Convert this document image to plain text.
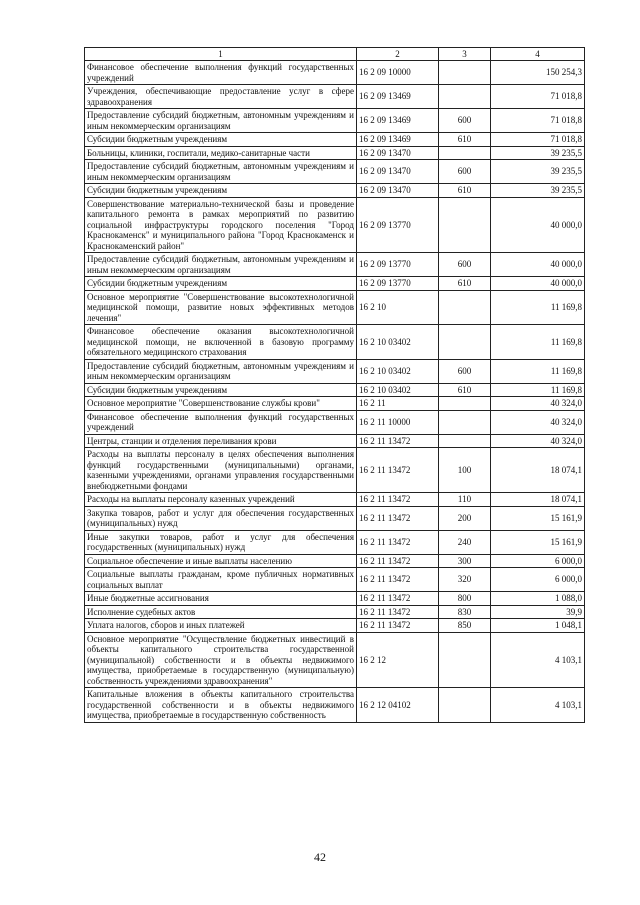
1	2	3	4
Финансовое обеспечение выполнения функций государственных учреждений	16 2 09 10000		150 254,3
Учреждения, обеспечивающие предоставление услуг в сфере здравоохранения	16 2 09 13469		71 018,8
Предоставление субсидий бюджетным, автономным учреждениям и иным некоммерческим организациям	16 2 09 13469	600	71 018,8
Субсидии бюджетным учреждениям	16 2 09 13469	610	71 018,8
Больницы, клиники, госпитали, медико-санитарные части	16 2 09 13470		39 235,5
Предоставление субсидий бюджетным, автономным учреждениям и иным некоммерческим организациям	16 2 09 13470	600	39 235,5
Субсидии бюджетным учреждениям	16 2 09 13470	610	39 235,5
Совершенствование материально-технической базы и проведение капитального ремонта в рамках мероприятий по развитию социальной инфраструктуры городского поселения "Город Краснокаменск" и муниципального района "Город Краснокаменск и Краснокаменский район"	16 2 09 13770		40 000,0
Предоставление субсидий бюджетным, автономным учреждениям и иным некоммерческим организациям	16 2 09 13770	600	40 000,0
Субсидии бюджетным учреждениям	16 2 09 13770	610	40 000,0
Основное мероприятие "Совершенствование высокотехнологичной медицинской помощи, развитие новых эффективных методов лечения"	16 2 10		11 169,8
Финансовое обеспечение оказания высокотехнологичной медицинской помощи, не включенной в базовую программу обязательного медицинского страхования	16 2 10 03402		11 169,8
Предоставление субсидий бюджетным, автономным учреждениям и иным некоммерческим организациям	16 2 10 03402	600	11 169,8
Субсидии бюджетным учреждениям	16 2 10 03402	610	11 169,8
Основное мероприятие "Совершенствование службы крови"	16 2 11		40 324,0
Финансовое обеспечение выполнения функций государственных учреждений	16 2 11 10000		40 324,0
Центры, станции и отделения переливания крови	16 2 11 13472		40 324,0
Расходы на выплаты персоналу в целях обеспечения выполнения функций государственными (муниципальными) органами, казенными учреждениями, органами управления государственными внебюджетными фондами	16 2 11 13472	100	18 074,1
Расходы на выплаты персоналу казенных учреждений	16 2 11 13472	110	18 074,1
Закупка товаров, работ и услуг для обеспечения государственных (муниципальных) нужд	16 2 11 13472	200	15 161,9
Иные закупки товаров, работ и услуг для обеспечения государственных (муниципальных) нужд	16 2 11 13472	240	15 161,9
Социальное обеспечение и иные выплаты населению	16 2 11 13472	300	6 000,0
Социальные выплаты гражданам, кроме публичных нормативных социальных выплат	16 2 11 13472	320	6 000,0
Иные бюджетные ассигнования	16 2 11 13472	800	1 088,0
Исполнение судебных актов	16 2 11 13472	830	39,9
Уплата налогов, сборов и иных платежей	16 2 11 13472	850	1 048,1
Основное мероприятие "Осуществление бюджетных инвестиций в объекты капитального строительства государственной (муниципальной) собственности и в объекты недвижимого имущества, приобретаемые в государственную (муниципальную) собственность учреждениями здравоохранения"	16 2 12		4 103,1
Капитальные вложения в объекты капитального строительства государственной собственности и в объекты недвижимого имущества, приобретаемые в государственную собственность	16 2 12 04102		4 103,1
42
